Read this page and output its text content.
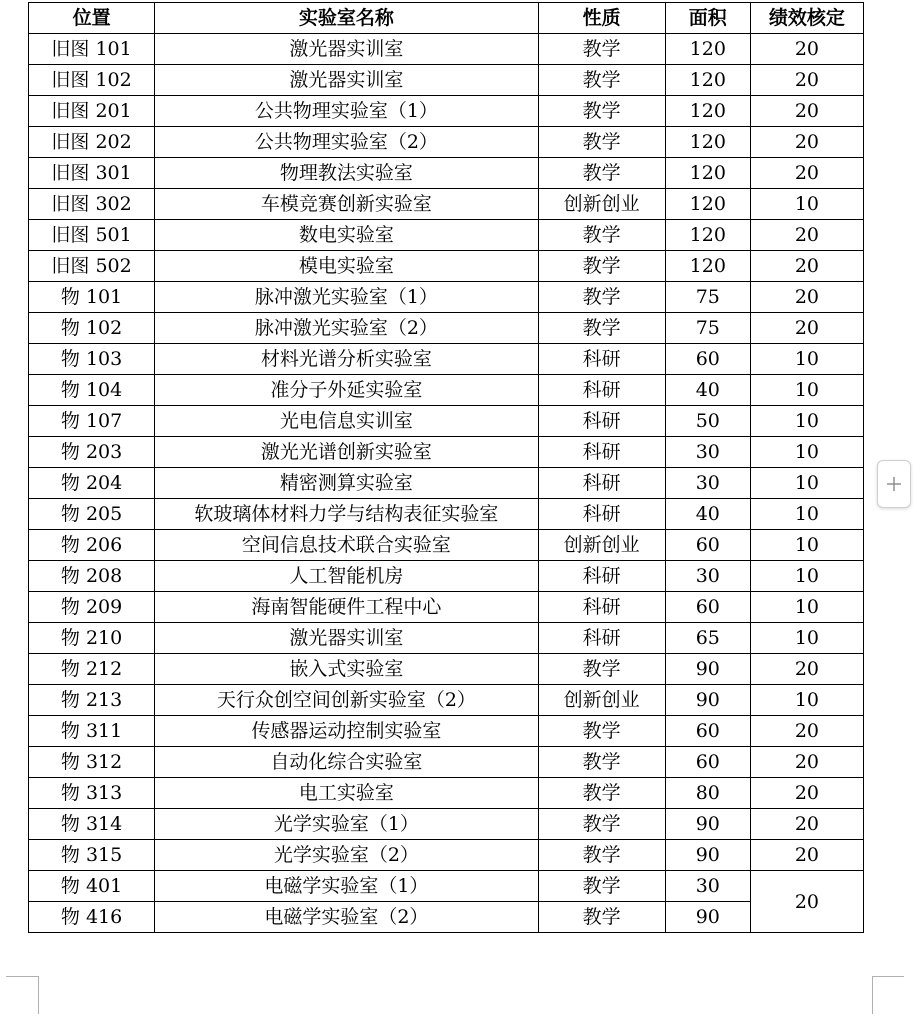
位置	实验室名称	性质	面积	绩效核定
旧图 101	激光器实训室	教学	120	20
旧图 102	激光器实训室	教学	120	20
旧图 201	公共物理实验室（1）	教学	120	20
旧图 202	公共物理实验室（2）	教学	120	20
旧图 301	物理教法实验室	教学	120	20
旧图 302	车模竞赛创新实验室	创新创业	120	10
旧图 501	数电实验室	教学	120	20
旧图 502	模电实验室	教学	120	20
物 101	脉冲激光实验室（1）	教学	75	20
物 102	脉冲激光实验室（2）	教学	75	20
物 103	材料光谱分析实验室	科研	60	10
物 104	准分子外延实验室	科研	40	10
物 107	光电信息实训室	科研	50	10
物 203	激光光谱创新实验室	科研	30	10
物 204	精密测算实验室	科研	30	10
物 205	软玻璃体材料力学与结构表征实验室	科研	40	10
物 206	空间信息技术联合实验室	创新创业	60	10
物 208	人工智能机房	科研	30	10
物 209	海南智能硬件工程中心	科研	60	10
物 210	激光器实训室	科研	65	10
物 212	嵌入式实验室	教学	90	20
物 213	天行众创空间创新实验室（2）	创新创业	90	10
物 311	传感器运动控制实验室	教学	60	20
物 312	自动化综合实验室	教学	60	20
物 313	电工实验室	教学	80	20
物 314	光学实验室（1）	教学	90	20
物 315	光学实验室（2）	教学	90	20
物 401	电磁学实验室（1）	教学	30	20
物 416	电磁学实验室（2）	教学	90	
